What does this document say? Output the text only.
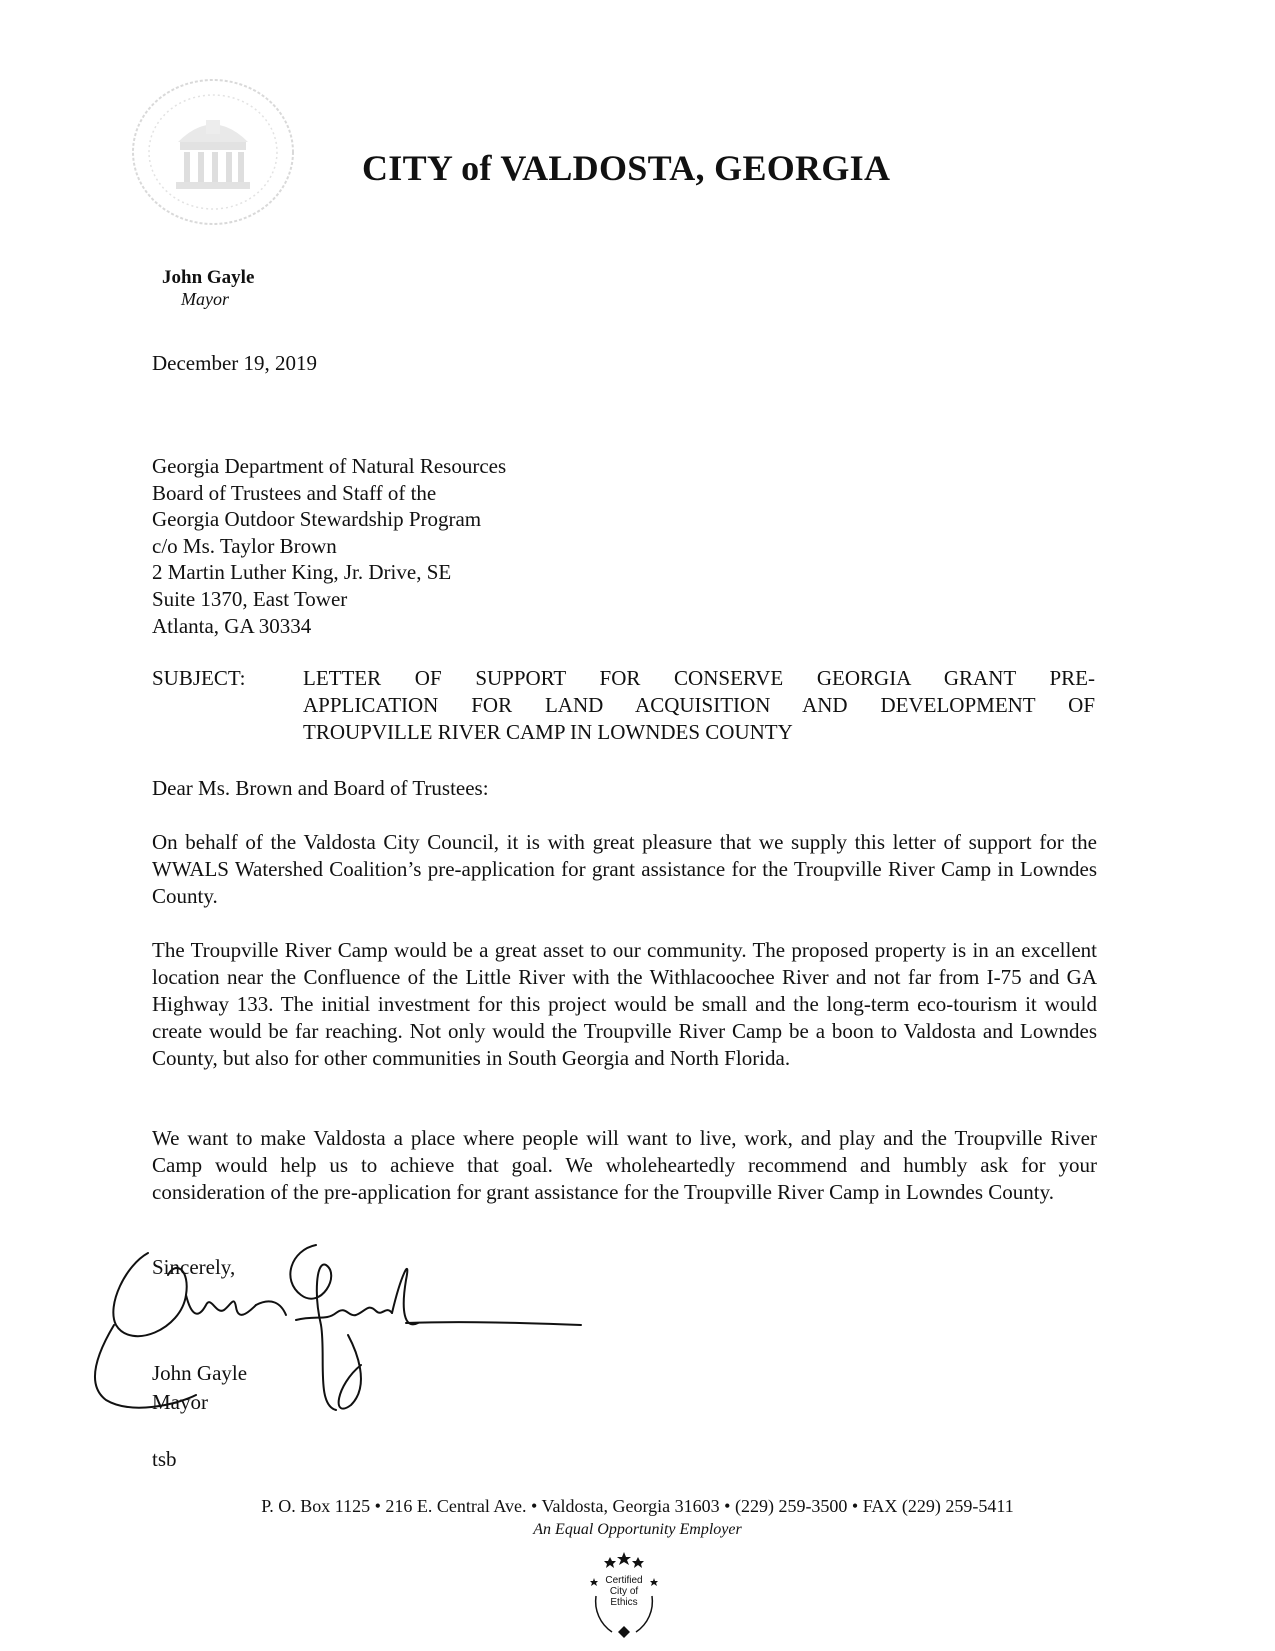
CITY of VALDOSTA, GEORGIA
John Gayle
Mayor
December 19, 2019
Georgia Department of Natural Resources
Board of Trustees and Staff of the
Georgia Outdoor Stewardship Program
c/o Ms. Taylor Brown
2 Martin Luther King, Jr. Drive, SE
Suite 1370, East Tower
Atlanta, GA 30334
SUBJECT:	LETTER OF SUPPORT FOR CONSERVE GEORGIA GRANT PRE-
APPLICATION FOR LAND ACQUISITION AND DEVELOPMENT OF
TROUPVILLE RIVER CAMP IN LOWNDES COUNTY
Dear Ms. Brown and Board of Trustees:
On behalf of the Valdosta City Council, it is with great pleasure that we supply this letter of support for the WWALS Watershed Coalition’s pre-application for grant assistance for the Troupville River Camp in Lowndes County.
The Troupville River Camp would be a great asset to our community. The proposed property is in an excellent location near the Confluence of the Little River with the Withlacoochee River and not far from I-75 and GA Highway 133. The initial investment for this project would be small and the long-term eco-tourism it would create would be far reaching. Not only would the Troupville River Camp be a boon to Valdosta and Lowndes County, but also for other communities in South Georgia and North Florida.
We want to make Valdosta a place where people will want to live, work, and play and the Troupville River Camp would help us to achieve that goal. We wholeheartedly recommend and humbly ask for your consideration of the pre-application for grant assistance for the Troupville River Camp in Lowndes County.
Sincerely,
John Gayle
Mayor
tsb
P. O. Box 1125 • 216 E. Central Ave. • Valdosta, Georgia 31603 • (229) 259-3500 • FAX (229) 259-5411
An Equal Opportunity Employer
Certified
City of
Ethics
